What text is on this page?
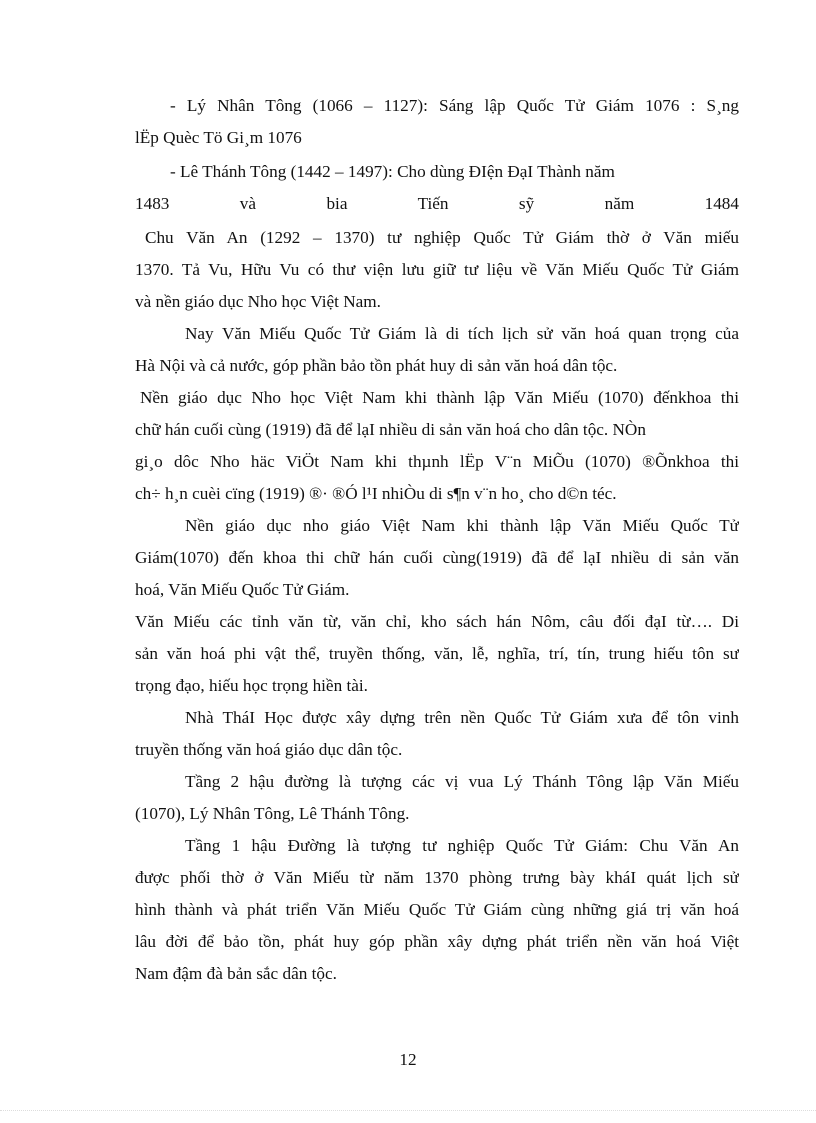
- Lý Nhân Tông (1066 – 1127): Sáng lập Quốc Tử Giám 1076 : S¸ng
lËp Quèc Tö Gi¸m 1076
- Lê Thánh Tông (1442 – 1497): Cho dùng ĐIện ĐạI Thành năm
1483 và bia Tiến sỹ năm 1484
Chu Văn An (1292 – 1370) tư nghiệp Quốc Tử Giám thờ ở Văn miếu
1370. Tả Vu, Hữu Vu có thư viện lưu giữ tư liệu về Văn Miếu Quốc Tử Giám
và nền giáo dục Nho học Việt Nam.
Nay Văn Miếu Quốc Tử Giám là di tích lịch sử văn hoá quan trọng của
Hà Nội và cả nước, góp phần bảo tồn phát huy di sản văn hoá dân tộc.
Nền giáo dục Nho học Việt Nam khi thành lập Văn Miếu (1070) đếnkhoa thi
chữ hán cuối cùng (1919) đã để lạI nhiều di sản văn hoá cho dân tộc. NÒn
gi¸o dôc Nho häc ViÖt Nam khi thµnh lËp V¨n MiÕu (1070) ®Õnkhoa thi
ch÷ h¸n cuèi cïng (1919) ®· ®Ó l¹I nhiÒu di s¶n v¨n ho¸ cho d©n téc.
Nền giáo dục nho giáo Việt Nam khi thành lập Văn Miếu Quốc Tử
Giám(1070) đến khoa thi chữ hán cuối cùng(1919) đã để lạI nhiều di sản văn
hoá, Văn Miếu Quốc Tử Giám.
Văn Miếu các tỉnh văn từ, văn chỉ, kho sách hán Nôm, câu đối đạI từ…. Di
sản văn hoá phi vật thể, truyền thống, văn, lễ, nghĩa, trí, tín, trung hiếu tôn sư
trọng đạo, hiếu học trọng hiền tài.
Nhà TháI Học được xây dựng trên nền Quốc Tử Giám xưa để tôn vinh
truyền thống văn hoá giáo dục dân tộc.
Tầng 2 hậu đường là tượng các vị vua Lý Thánh Tông lập Văn Miếu
(1070), Lý Nhân Tông, Lê Thánh Tông.
Tầng 1 hậu Đường là tượng tư nghiệp Quốc Tử Giám: Chu Văn An
được phối thờ ở Văn Miếu từ năm 1370 phòng trưng bày kháI quát lịch sử
hình thành và phát triển Văn Miếu Quốc Tử Giám cùng những giá trị văn hoá
lâu đời để bảo tồn, phát huy góp phần xây dựng phát triển nền văn hoá Việt
Nam đậm đà bản sắc dân tộc.
12
